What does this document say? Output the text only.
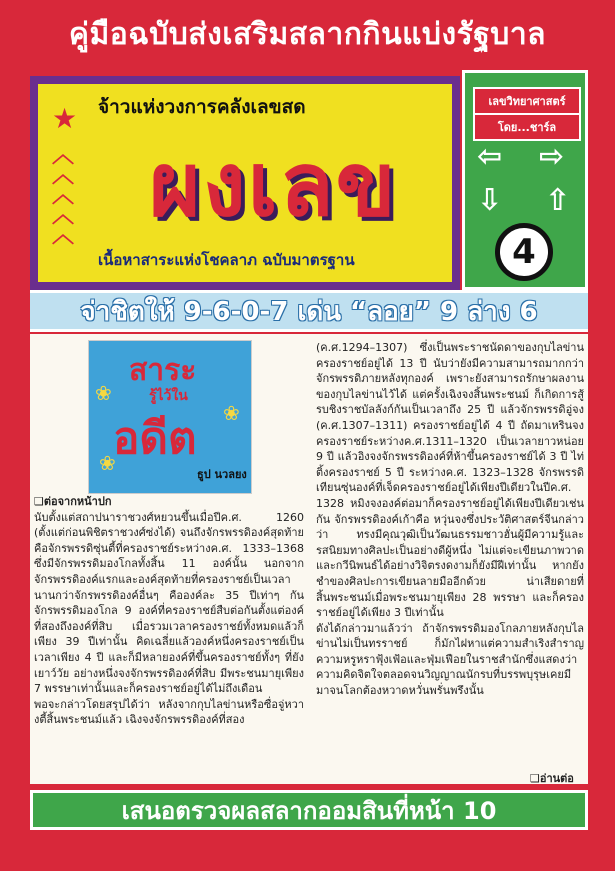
คู่มือฉบับส่งเสริมสลากกินแบ่งรัฐบาล
★ จ้าวแห่งวงการคลังเลขสด
︿
︿
︿
︿
︿ ผงเลข
เนื้อหาสาระแห่งโชคลาภ ฉบับมาตรฐาน
เลขวิทยาศาสตร์
โดย...ชาร์ล
⇦ ⇨
⇩ ⇧
4
จ่าชิตให้ 9-6-0-7 เด่น “ลอย” 9 ล่าง 6
❀
❀
❀
สาระ
รู้ไว้ใน
อดีต
ธูป นวลยง
❑ต่อจากหน้าปก
นับตั้งแต่สถาปนาราชวงศ์หยวนขึ้นเมื่อปีค.ศ. 1260 (ตั้งแต่ก่อนพิชิตราชวงศ์ซ่งได้) จนถึงจักรพรรดิองค์สุดท้ายคือจักรพรรดิซุ่นตี้ที่ครองราชย์ระหว่างค.ศ. 1333–1368 ซึ่งมีจักรพรรดิมองโกลทั้งสิ้น 11 องค์นั้น นอกจากจักรพรรดิองค์แรกและองค์สุดท้ายที่ครองราชย์เป็นเวลานานกว่าจักรพรรดิองค์อื่นๆ คือองค์ละ 35 ปีเท่าๆ กัน จักรพรรดิมองโกล 9 องค์ที่ครองราชย์สืบต่อกันตั้งแต่องค์ที่สองถึงองค์ที่สิบ เมื่อรวมเวลาครองราชย์ทั้งหมดแล้วก็เพียง 39 ปีเท่านั้น คิดเฉลี่ยแล้วองค์หนึ่งครองราชย์เป็นเวลาเพียง 4 ปี และก็มีหลายองค์ที่ขึ้นครองราชย์ทั้งๆ ที่ยังเยาว์วัย อย่างหนึ่งจงจักรพรรดิองค์ที่สิบ มีพระชนมายุเพียง 7 พรรษาเท่านั้นและก็ครองราชย์อยู่ได้ไม่ถึงเดือน
พอจะกล่าวโดยสรุปได้ว่า หลังจากกุบไลข่านหรือซื่อจู่หวางตี้สิ้นพระชนม์แล้ว เฉิงจงจักรพรรดิองค์ที่สอง
(ค.ศ.1294–1307) ซึ่งเป็นพระราชนัดดาของกุบไลข่านครองราชย์อยู่ได้ 13 ปี นับว่ายังมีความสามารถมากกว่าจักรพรรดิภายหลังทุกองค์ เพราะยังสามารถรักษาผลงานของกุบไลข่านไว้ได้ แต่ครั้งเฉิงจงสิ้นพระชนม์ ก็เกิดการสู้รบชิงราชบัลลังก์กันเป็นเวลาถึง 25 ปี แล้วจักรพรรดิอู่จง (ค.ศ.1307–1311) ครองราชย์อยู่ได้ 4 ปี ถัดมาเหรินจงครองราชย์ระหว่างค.ศ.1311–1320 เป็นเวลายาวหน่อย 9 ปี แล้วอิงจงจักรพรรดิองค์ที่ห้าขึ้นครองราชย์ได้ 3 ปี ไท่ติ้งครองราชย์ 5 ปี ระหว่างค.ศ. 1323–1328 จักรพรรดิเทียนซุ่นองค์ที่เจ็ดครองราชย์อยู่ได้เพียงปีเดียวในปีค.ศ. 1328 หมิงจงองค์ต่อมาก็ครองราชย์อยู่ได้เพียงปีเดียวเช่นกัน จักรพรรดิองค์เก้าคือ หวุ่นจงซึ่งประวัติศาสตร์จีนกล่าวว่า ทรงมีคุณวุฒิเป็นวัฒนธรรมชาวฮั่นผู้มีความรู้และรสนิยมทางศิลปะเป็นอย่างดีผู้หนึ่ง ไม่แต่จะเขียนภาพวาดและกวีนิพนธ์ได้อย่างวิจิตรงดงามก็ยังมีฝีเท่านั้น หากยังชำของศิลปะการเขียนลายมืออีกด้วย น่าเสียดายที่สิ้นพระชนม์เมื่อพระชนมายุเพียง 28 พรรษา และก็ครองราชย์อยู่ได้เพียง 3 ปีเท่านั้น
ดังได้กล่าวมาแล้วว่า ถ้าจักรพรรดิมองโกลภายหลังกุบไลข่านไม่เป็นทรราชย์ ก็มักไฝหาแต่ความสำเริงสำราญความหรูหราฟุ้งเฟ้อและฟุ่มเฟือยในราชสำนักซึ่งแสดงว่าความคิดจิตใจตลอดจนวิญญาณนักรบที่บรรพบุรุษเคยมีมาจนโลกต้องหวาดหวั่นพรั่นพรึงนั้น
❑อ่านต่อ
เสนอตรวจผลสลากออมสินที่หน้า 10
